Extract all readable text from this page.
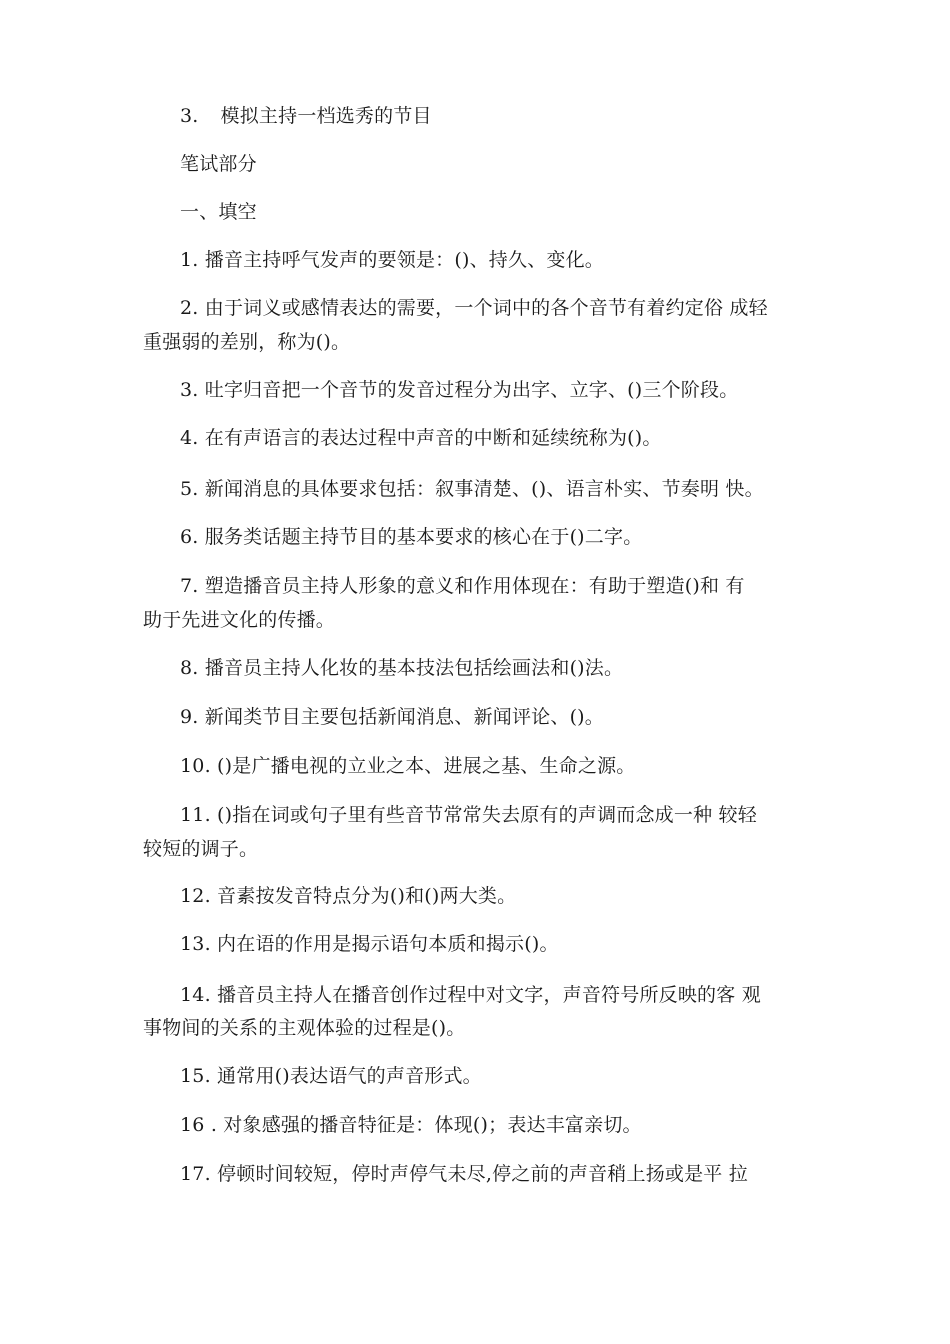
3. 模拟主持一档选秀的节目
笔试部分
一、填空
1. 播音主持呼气发声的要领是：()、持久、变化。
2. 由于词义或感情表达的需要，一个词中的各个音节有着约定俗 成轻
重强弱的差别，称为()。
3. 吐字归音把一个音节的发音过程分为出字、立字、()三个阶段。
4. 在有声语言的表达过程中声音的中断和延续统称为()。
5. 新闻消息的具体要求包括：叙事清楚、()、语言朴实、节奏明 快。
6. 服务类话题主持节目的基本要求的核心在于()二字。
7. 塑造播音员主持人形象的意义和作用体现在：有助于塑造()和 有
助于先进文化的传播。
8. 播音员主持人化妆的基本技法包括绘画法和()法。
9. 新闻类节目主要包括新闻消息、新闻评论、()。
10. ()是广播电视的立业之本、进展之基、生命之源。
11. ()指在词或句子里有些音节常常失去原有的声调而念成一种 较轻
较短的调子。
12. 音素按发音特点分为()和()两大类。
13. 内在语的作用是揭示语句本质和揭示()。
14. 播音员主持人在播音创作过程中对文字，声音符号所反映的客 观
事物间的关系的主观体验的过程是()。
15. 通常用()表达语气的声音形式。
16 . 对象感强的播音特征是：体现()；表达丰富亲切。
17. 停顿时间较短，停时声停气未尽,停之前的声音稍上扬或是平 拉
